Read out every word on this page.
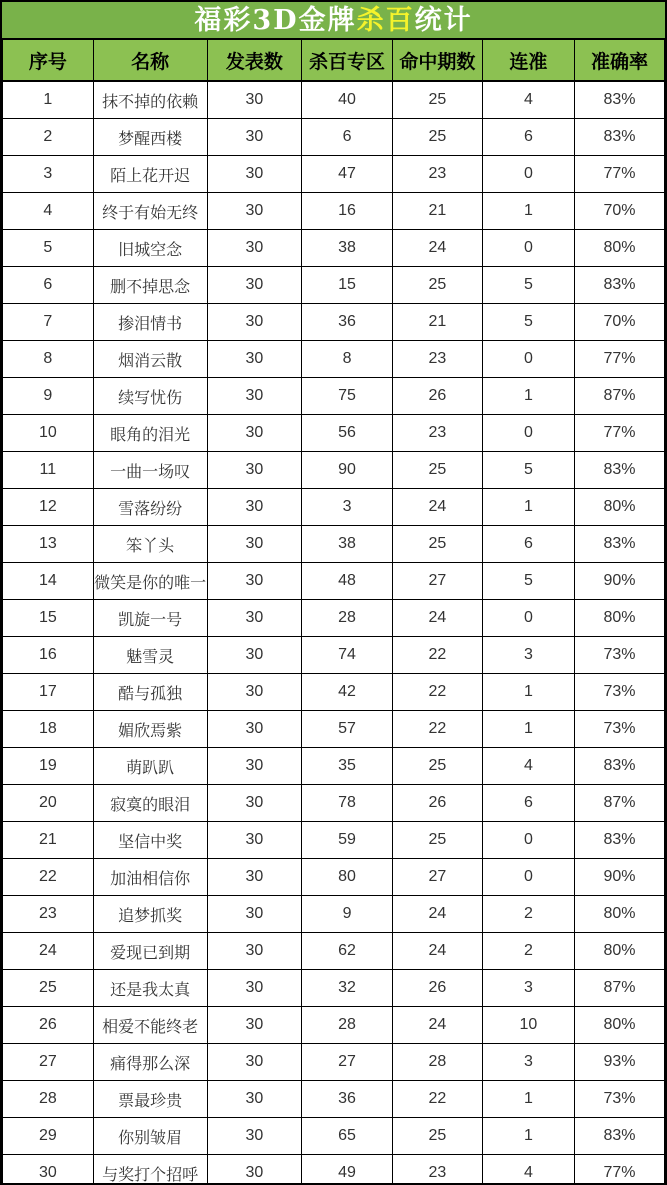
福彩3D金牌 杀百 统计
序号	名称	发表数	杀百专区	命中期数	连准	准确率
1	抹不掉的依赖	30	40	25	4	83%
2	梦醒西楼	30	6	25	6	83%
3	陌上花开迟	30	47	23	0	77%
4	终于有始无终	30	16	21	1	70%
5	旧城空念	30	38	24	0	80%
6	删不掉思念	30	15	25	5	83%
7	掺泪情书	30	36	21	5	70%
8	烟消云散	30	8	23	0	77%
9	续写忧伤	30	75	26	1	87%
10	眼角的泪光	30	56	23	0	77%
11	一曲一场叹	30	90	25	5	83%
12	雪落纷纷	30	3	24	1	80%
13	笨丫头	30	38	25	6	83%
14	微笑是你的唯一	30	48	27	5	90%
15	凯旋一号	30	28	24	0	80%
16	魅雪灵	30	74	22	3	73%
17	酷与孤独	30	42	22	1	73%
18	媚欣焉紫	30	57	22	1	73%
19	萌趴趴	30	35	25	4	83%
20	寂寞的眼泪	30	78	26	6	87%
21	坚信中奖	30	59	25	0	83%
22	加油相信你	30	80	27	0	90%
23	追梦抓奖	30	9	24	2	80%
24	爱现已到期	30	62	24	2	80%
25	还是我太真	30	32	26	3	87%
26	相爱不能终老	30	28	24	10	80%
27	痛得那么深	30	27	28	3	93%
28	票最珍贵	30	36	22	1	73%
29	你别皱眉	30	65	25	1	83%
30	与奖打个招呼	30	49	23	4	77%
